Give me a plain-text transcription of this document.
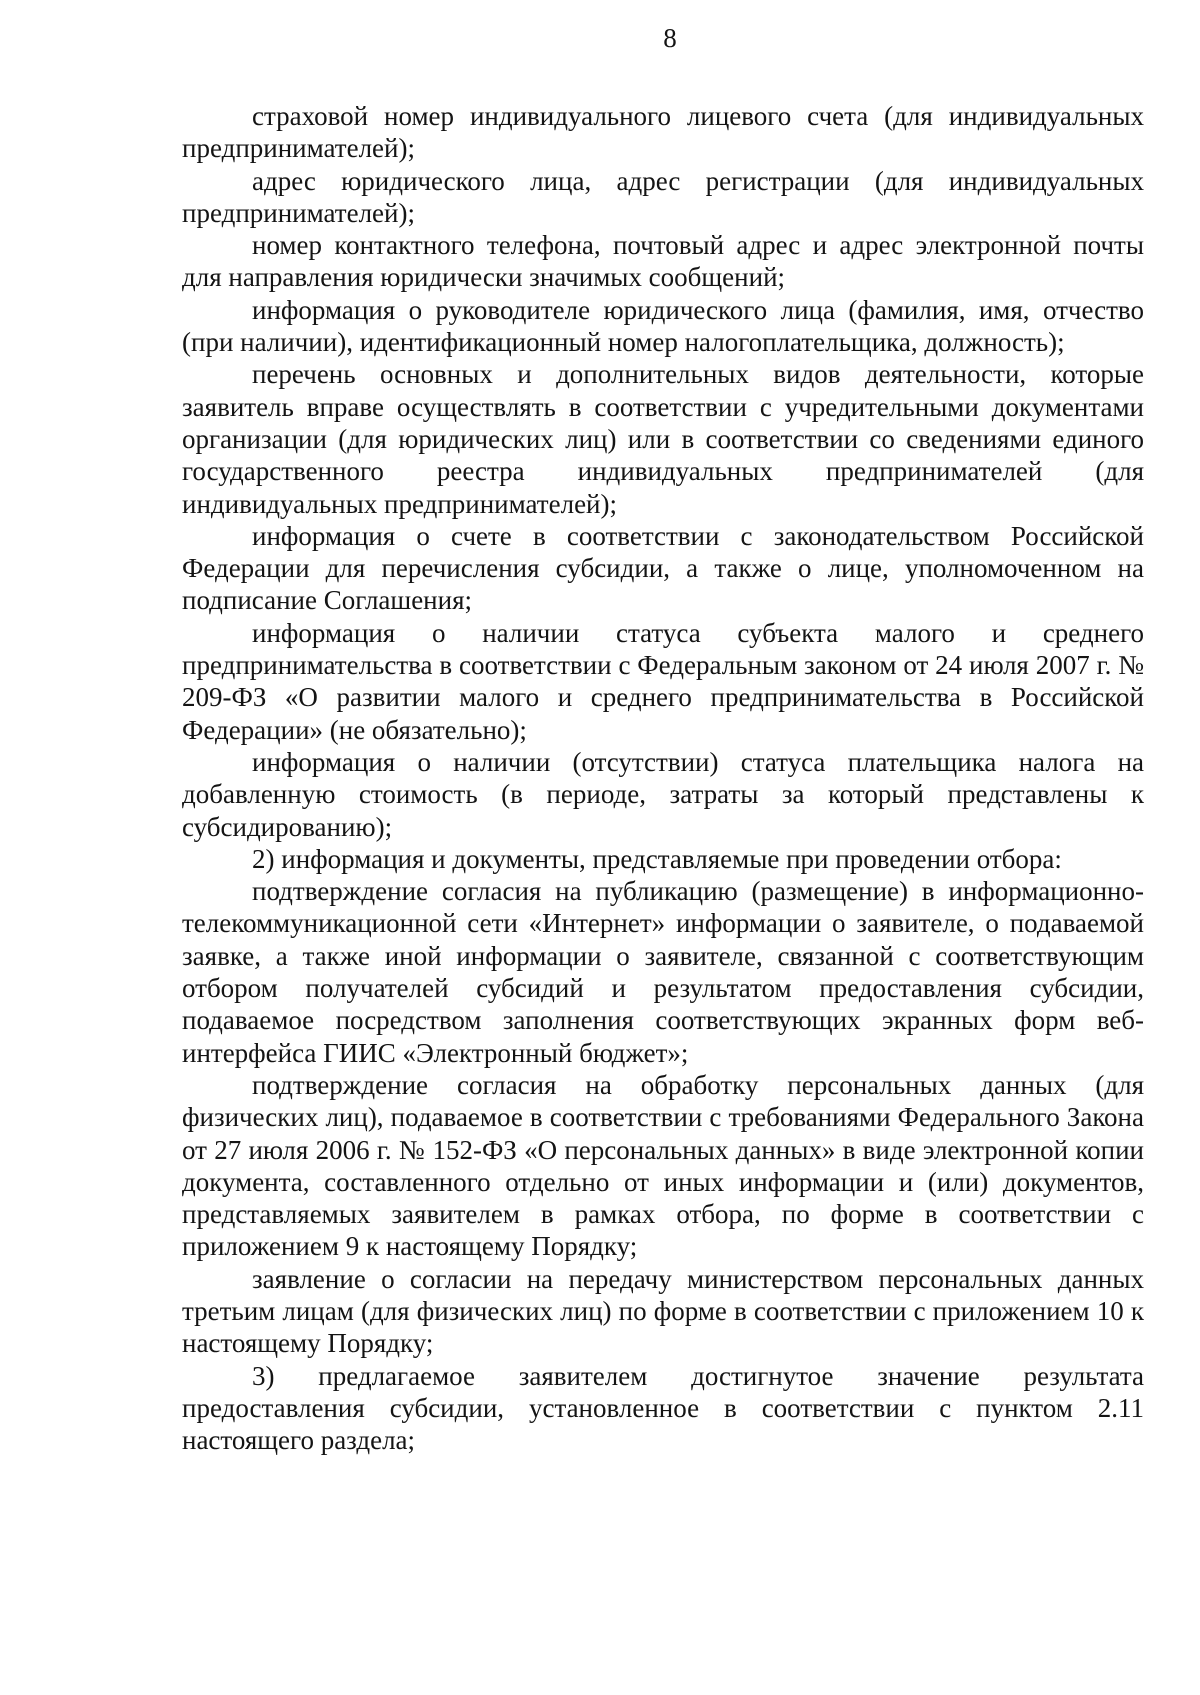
8

страховой номер индивидуального лицевого счета (для индивидуальных предпринимателей);

адрес юридического лица, адрес регистрации (для индивидуальных предпринимателей);

номер контактного телефона, почтовый адрес и адрес электронной почты для направления юридически значимых сообщений;

информация о руководителе юридического лица (фамилия, имя, отчество (при наличии), идентификационный номер налогоплательщика, должность);

перечень основных и дополнительных видов деятельности, которые заявитель вправе осуществлять в соответствии с учредительными документами организации (для юридических лиц) или в соответствии со сведениями единого государственного реестра индивидуальных предпринимателей (для индивидуальных предпринимателей);

информация о счете в соответствии с законодательством Российской Федерации для перечисления субсидии, а также о лице, уполномоченном на подписание Соглашения;

информация о наличии статуса субъекта малого и среднего предпринимательства в соответствии с Федеральным законом от 24 июля 2007 г. № 209-ФЗ «О развитии малого и среднего предпринимательства в Российской Федерации» (не обязательно);

информация о наличии (отсутствии) статуса плательщика налога на добавленную стоимость (в периоде, затраты за который представлены к субсидированию);

2) информация и документы, представляемые при проведении отбора:

подтверждение согласия на публикацию (размещение) в информационно-телекоммуникационной сети «Интернет» информации о заявителе, о подаваемой заявке, а также иной информации о заявителе, связанной с соответствующим отбором получателей субсидий и результатом предоставления субсидии, подаваемое посредством заполнения соответствующих экранных форм веб-интерфейса ГИИС «Электронный бюджет»;

подтверждение согласия на обработку персональных данных (для физических лиц), подаваемое в соответствии с требованиями Федерального Закона от 27 июля 2006 г. № 152-ФЗ «О персональных данных» в виде электронной копии документа, составленного отдельно от иных информации и (или) документов, представляемых заявителем в рамках отбора, по форме в соответствии с приложением 9 к настоящему Порядку;

заявление о согласии на передачу министерством персональных данных третьим лицам (для физических лиц) по форме в соответствии с приложением 10 к настоящему Порядку;

3) предлагаемое заявителем достигнутое значение результата предоставления субсидии, установленное в соответствии с пунктом 2.11 настоящего раздела;
